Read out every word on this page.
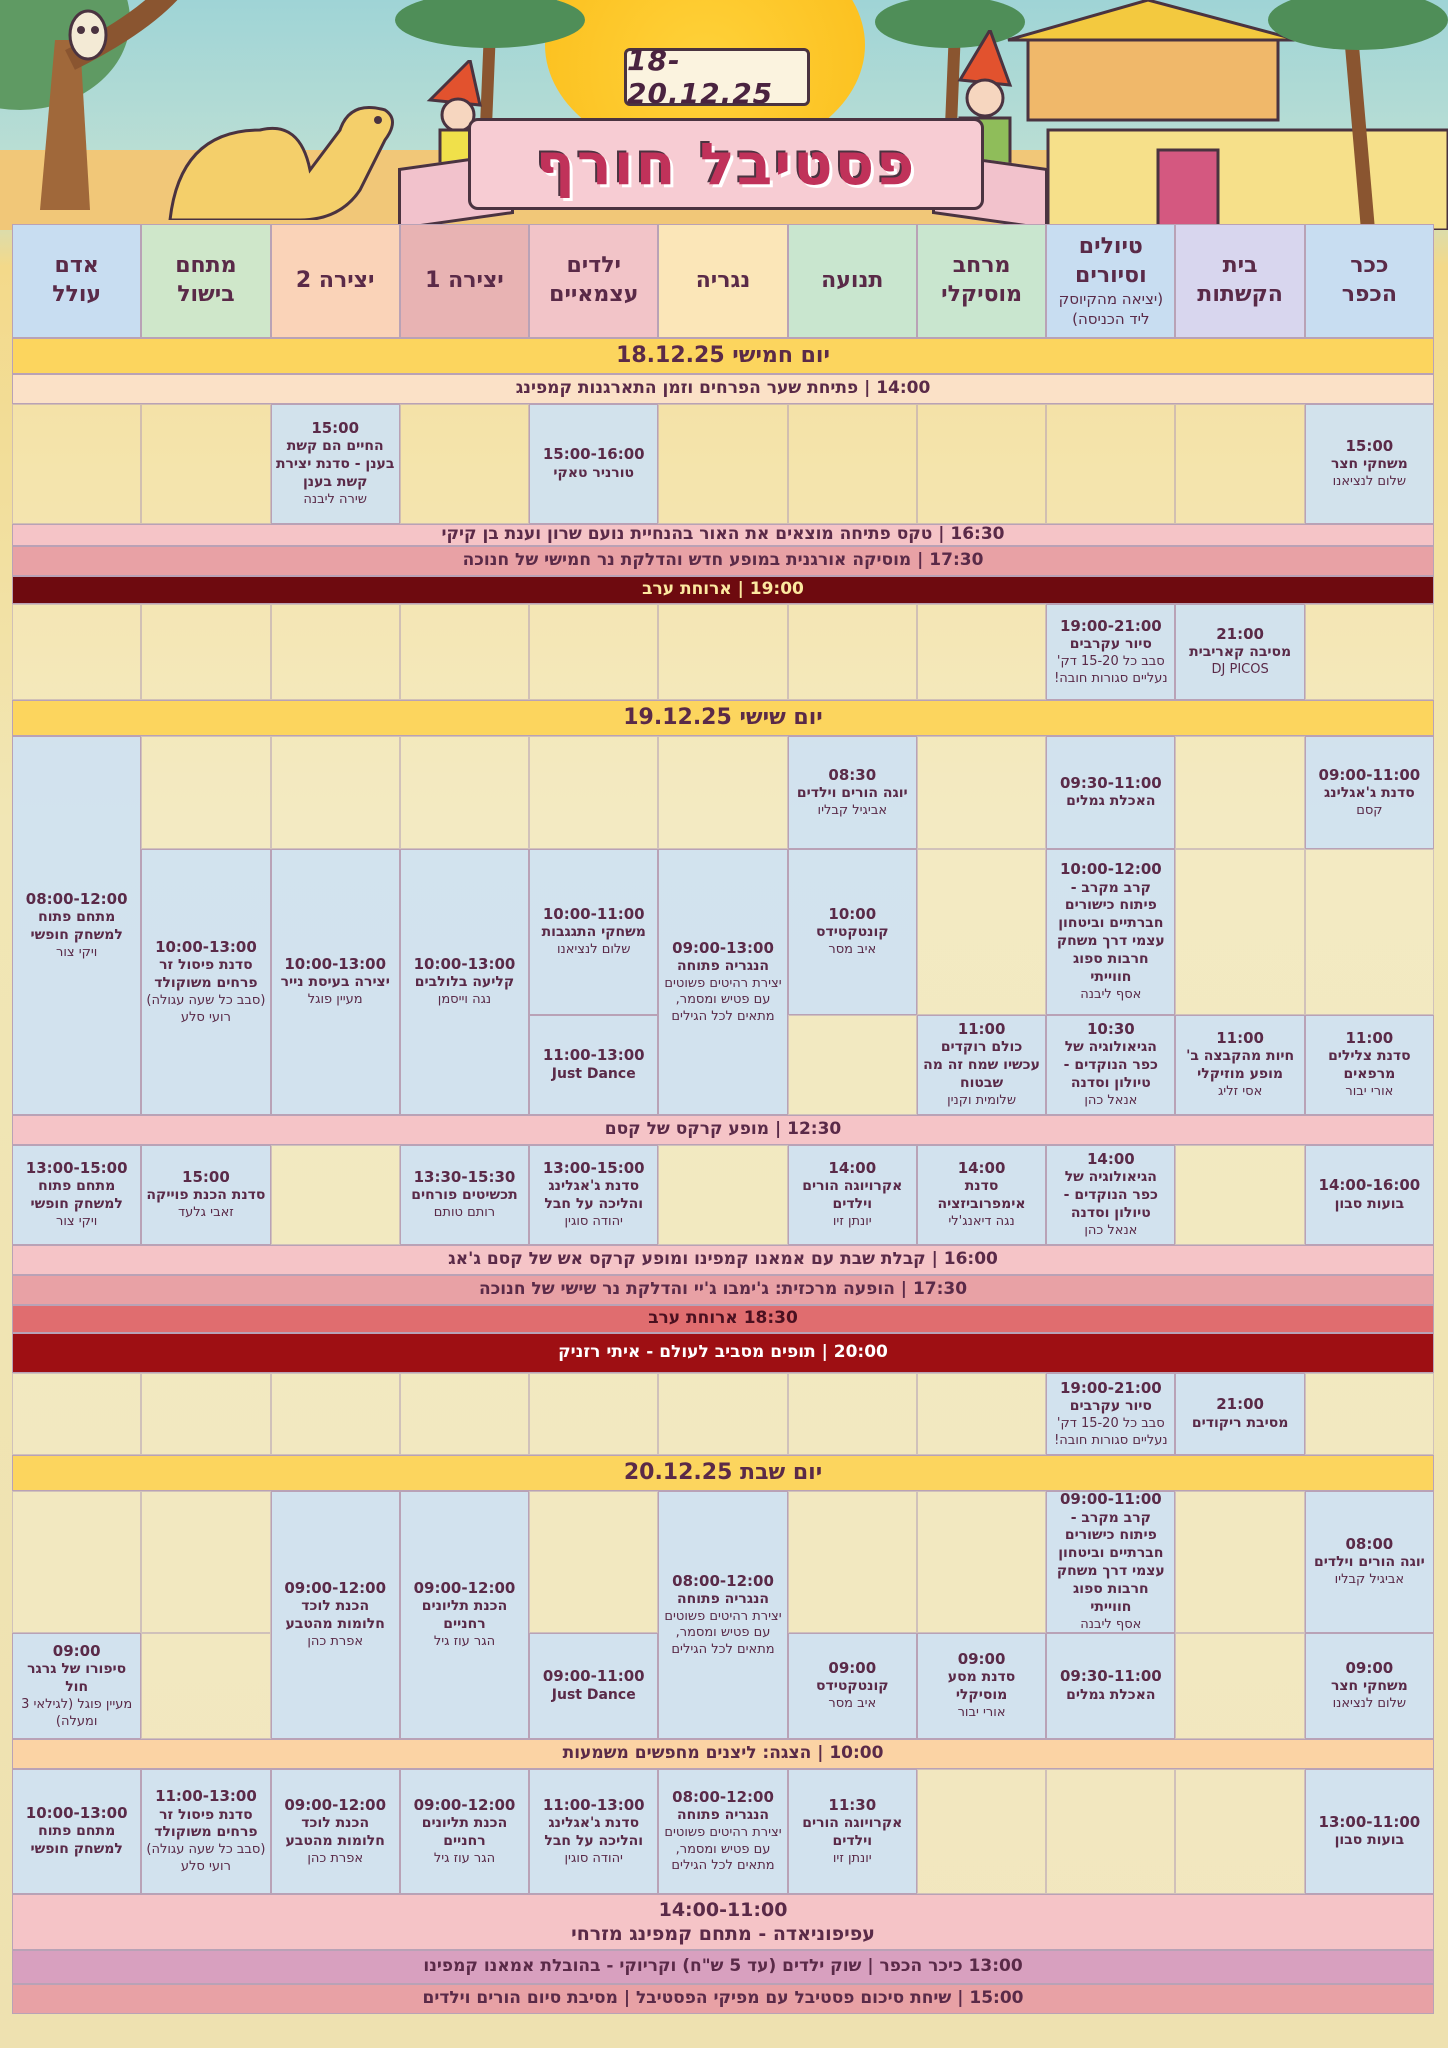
18-20.12.25
פסטיבל חורף
ככר
הכפר
בית הקשתות
טיולים
וסיורים
(יציאה מהקיוסק ליד הכניסה)
מרחב
מוסיקלי
תנועה
נגריה
ילדים
עצמאיים
יצירה 1
יצירה 2
מתחם
בישול
אדם
עולל
יום חמישי 18.12.25
14:00 | פתיחת שער הפרחים וזמן התארגנות קמפינג
16:30 | טקס פתיחה מוצאים את האור בהנחיית נועם שרון וענת בן קיקי
17:30 | מוסיקה אורגנית במופע חדש והדלקת נר חמישי של חנוכה
19:00 | ארוחת ערב
יום שישי 19.12.25
12:30 | מופע קרקס של קסם
16:00 | קבלת שבת עם אמאנו קמפינו ומופע קרקס אש של קסם ג'אג
17:30 | הופעה מרכזית: ג'ימבו ג'יי והדלקת נר שישי של חנוכה
18:30 ארוחת ערב
20:00 | תופים מסביב לעולם - איתי רזניק
יום שבת 20.12.25
10:00 | הצגה: ליצנים מחפשים משמעות
13:00 כיכר הכפר | שוק ילדים (עד 5 ש"ח) וקריוקי - בהובלת אמאנו קמפינו
15:00 | שיחת סיכום פסטיבל עם מפיקי הפסטיבל | מסיבת סיום הורים וילדים
14:00-11:00
עפיפוניאדה - מתחם קמפינג מזרחי
15:00
משחקי חצר
שלום לנציאנו
15:00-16:00
טורניר טאקי
15:00
החיים הם קשת בענן - סדנת יצירת קשת בענן
שירה ליבנה
21:00
מסיבה קאריבית
DJ PICOS
19:00-21:00
סיור עקרבים
סבב כל 15-20 דק' נעליים סגורות חובה!
09:00-11:00
סדנת ג'אגלינג
קסם
09:30-11:00
האכלת גמלים
08:30
יוגה הורים וילדים
אביגיל קבליו
08:00-12:00
מתחם פתוח למשחק חופשי
ויקי צור
10:00-12:00
קרב מקרב - פיתוח כישורים חברתיים וביטחון עצמי דרך משחק חרבות ספוג חווייתי
אסף ליבנה
10:00
קונטקטידס
איב מסר
09:00-13:00
הנגריה פתוחה
יצירת רהיטים פשוטים עם פטיש ומסמר, מתאים לכל הגילים
10:00-11:00
משחקי התגגבות
שלום לנציאנו
10:00-13:00
קליעה בלולבים
נגה וייסמן
10:00-13:00
יצירה בעיסת נייר
מעיין פוגל
10:00-13:00
סדנת פיסול זר פרחים משוקולד
(סבב כל שעה עגולה) רועי סלע
11:00
סדנת צלילים מרפאים
אורי יבור
11:00
חיות מהקבצה ב' מופע מוזיקלי
אסי זליג
10:30
הגיאולוגיה של כפר הנוקדים - טיולון וסדנה
אנאל כהן
11:00
כולם רוקדים עכשיו שמח זה מה שבטוח
שלומית וקנין
11:00-13:00
Just Dance
14:00-16:00
בועות סבון
14:00
הגיאולוגיה של כפר הנוקדים - טיולון וסדנה
אנאל כהן
14:00
סדנת אימפרוביזציה
נגה דיאנג'לי
14:00
אקרויוגה הורים וילדים
יונתן זיו
13:00-15:00
סדנת ג'אגלינג והליכה על חבל
יהודה סוגין
13:30-15:30
תכשיטים פורחים
רותם טותם
15:00
סדנת הכנת פוייקה
זאבי גלעד
13:00-15:00
מתחם פתוח למשחק חופשי
ויקי צור
21:00
מסיבת ריקודים
19:00-21:00
סיור עקרבים
סבב כל 15-20 דק' נעליים סגורות חובה!
08:00
יוגה הורים וילדים
אביגיל קבליו
09:00-11:00
קרב מקרב - פיתוח כישורים חברתיים וביטחון עצמי דרך משחק חרבות ספוג חווייתי
אסף ליבנה
08:00-12:00
הנגריה פתוחה
יצירת רהיטים פשוטים עם פטיש ומסמר, מתאים לכל הגילים
09:00-12:00
הכנת תליונים רחניים
הגר עוז גיל
09:00-12:00
הכנת לוכד חלומות מהטבע
אפרת כהן
09:00
משחקי חצר
שלום לנציאנו
09:30-11:00
האכלת גמלים
09:00
סדנת מסע מוסיקלי
אורי יבור
09:00
קונטקטידס
איב מסר
09:00-11:00
Just Dance
09:00
סיפורו של גרגר חול
מעיין פוגל (לגילאי 3 ומעלה)
13:00-11:00
בועות סבון
11:30
אקרויוגה הורים וילדים
יונתן זיו
08:00-12:00
הנגריה פתוחה
יצירת רהיטים פשוטים עם פטיש ומסמר, מתאים לכל הגילים
11:00-13:00
סדנת ג'אגלינג והליכה על חבל
יהודה סוגין
09:00-12:00
הכנת תליונים רחניים
הגר עוז גיל
09:00-12:00
הכנת לוכד חלומות מהטבע
אפרת כהן
11:00-13:00
סדנת פיסול זר פרחים משוקולד
(סבב כל שעה עגולה) רועי סלע
10:00-13:00
מתחם פתוח למשחק חופשי
